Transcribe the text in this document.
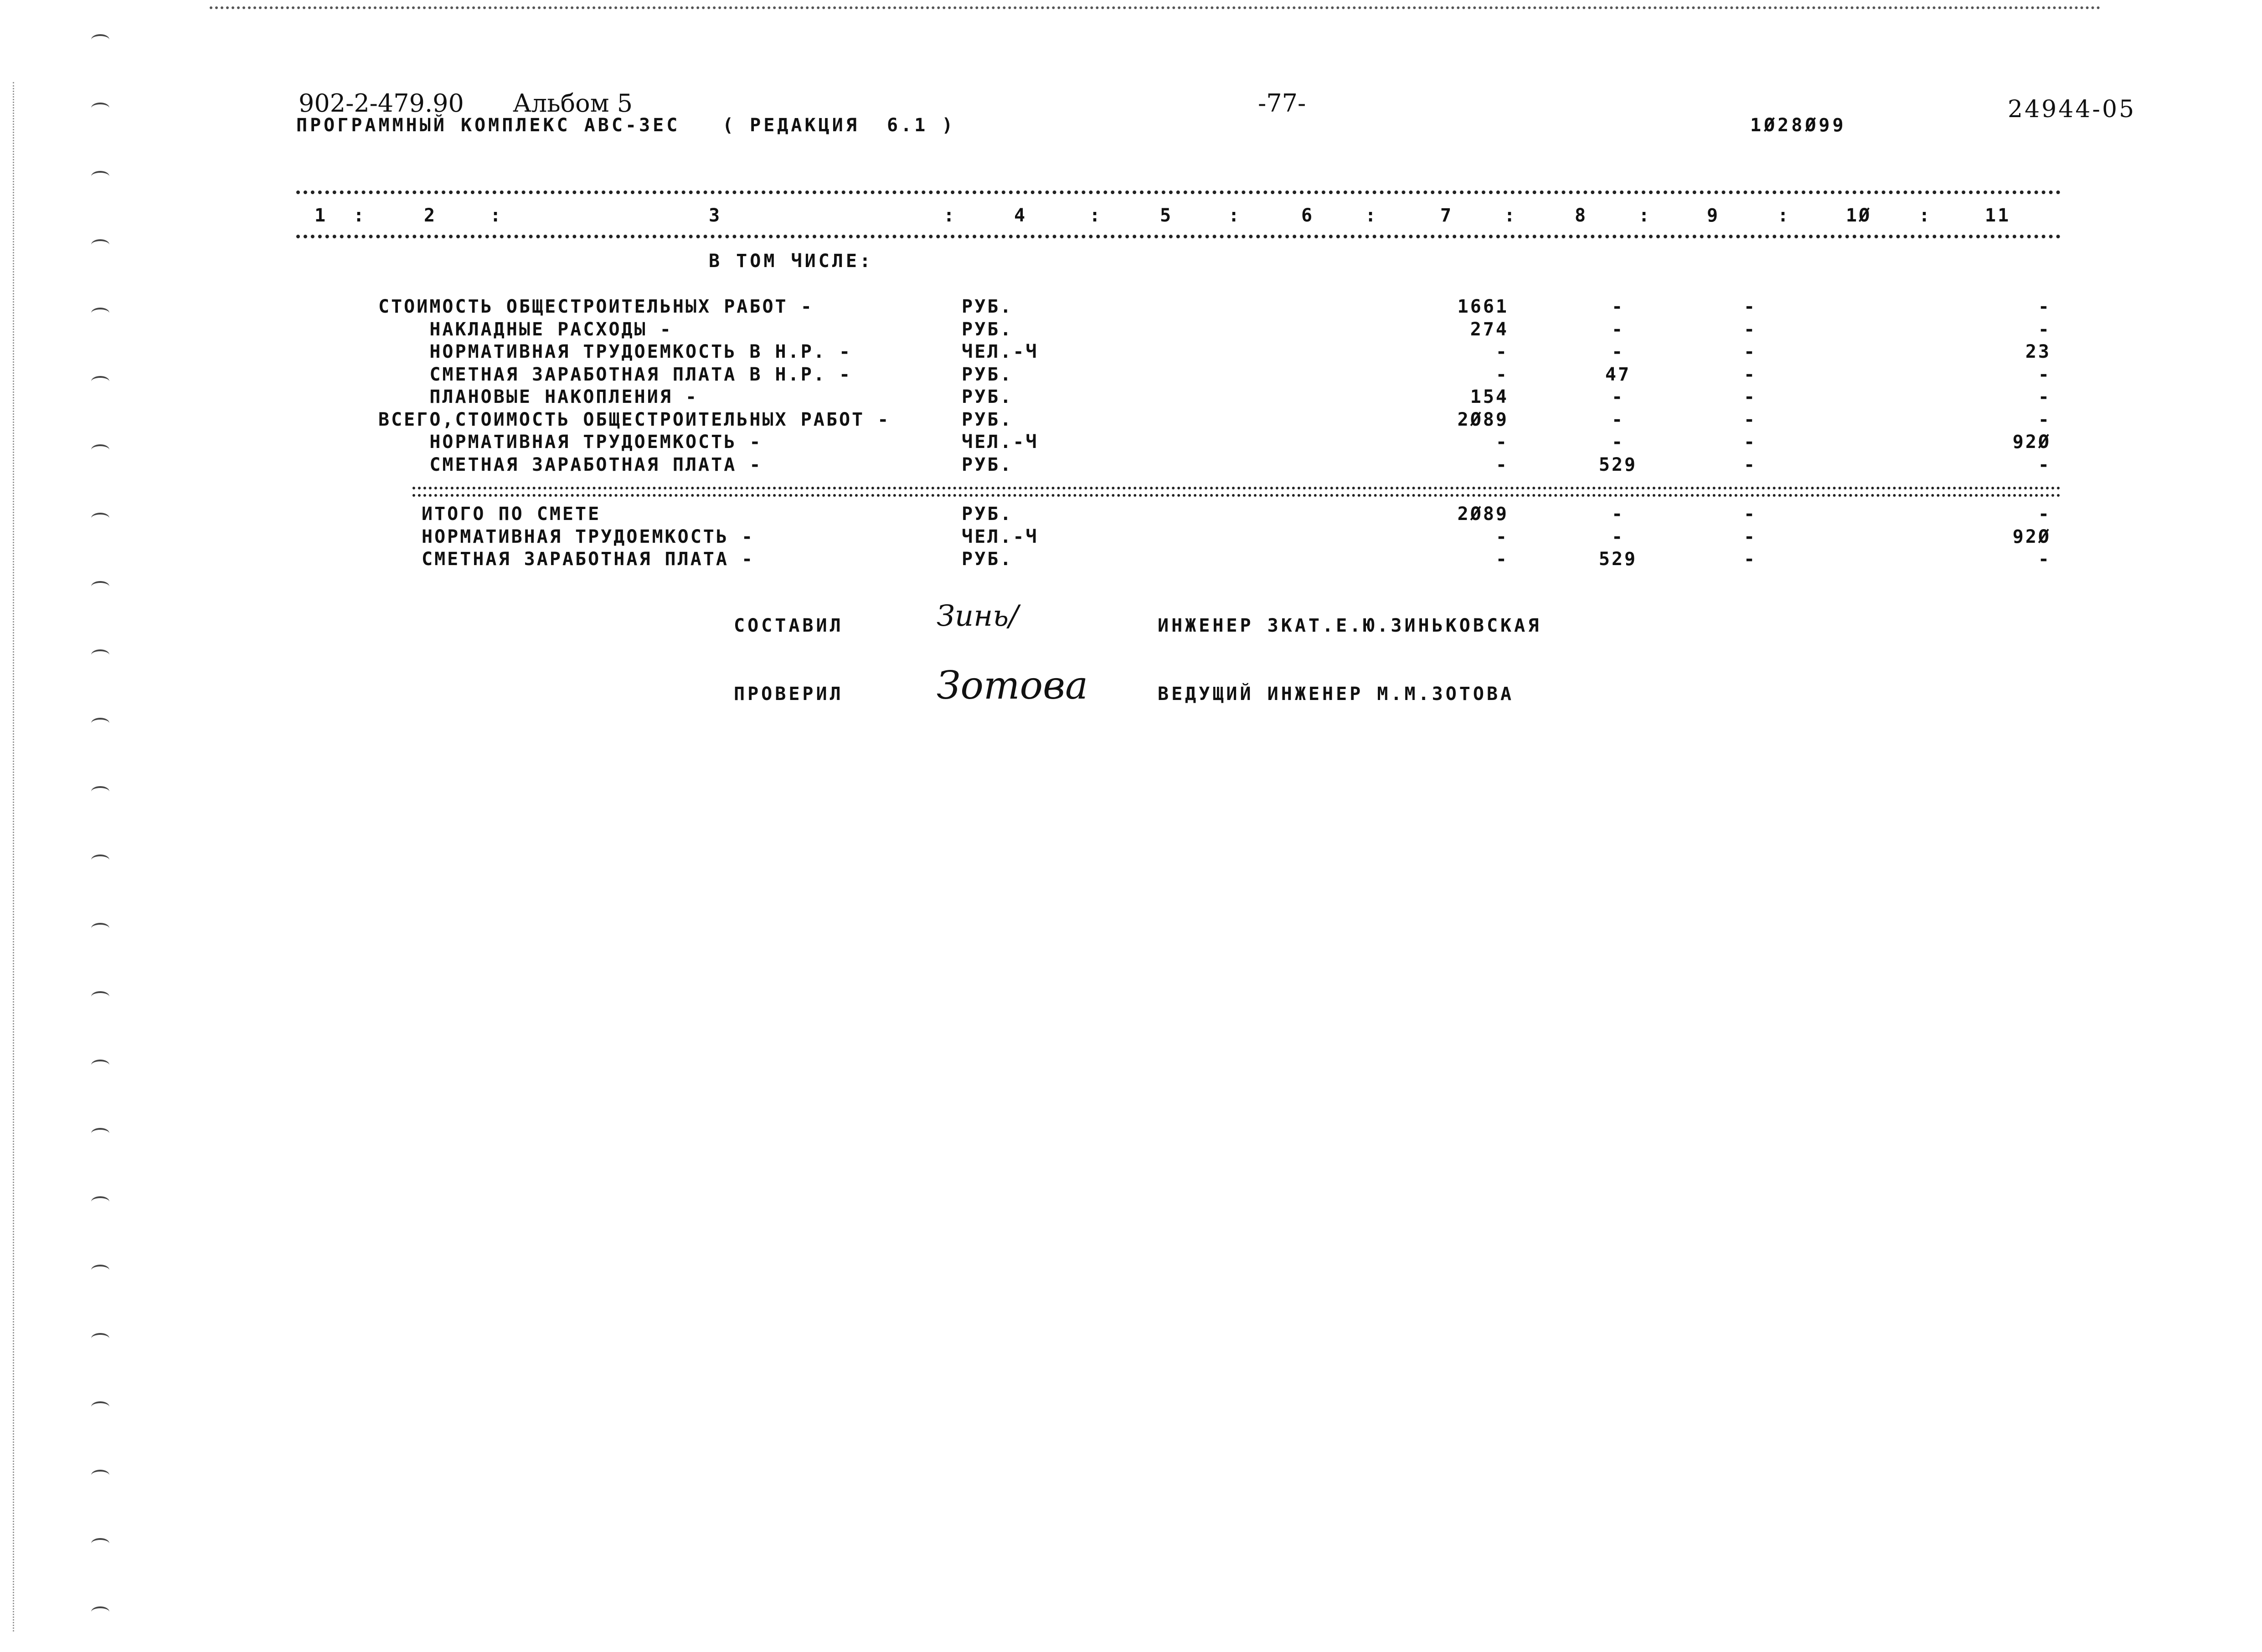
902-2-479.90 Альбом 5	-77-	24944-05
ПРОГРАММНЫЙ КОМПЛЕКС АВС-3ЕС ( РЕДАКЦИЯ  6.1 )	1Ø28Ø99
1	2	3	4	5	6	7	8	9	1Ø	11
:	:	:	:	:	:	:	:	:	:
В ТОМ ЧИСЛЕ:
СТОИМОСТЬ ОБЩЕСТРОИТЕЛЬНЫХ РАБОТ -	РУБ.	1661	-	-	-
НАКЛАДНЫЕ РАСХОДЫ -	РУБ.	274	-	-	-
НОРМАТИВНАЯ ТРУДОЕМКОСТЬ В Н.Р. -	ЧЕЛ.-Ч	-	-	-	23
СМЕТНАЯ ЗАРАБОТНАЯ ПЛАТА В Н.Р. -	РУБ.	-	47	-	-
ПЛАНОВЫЕ НАКОПЛЕНИЯ -	РУБ.	154	-	-	-
ВСЕГО,СТОИМОСТЬ ОБЩЕСТРОИТЕЛЬНЫХ РАБОТ -	РУБ.	2Ø89	-	-	-
НОРМАТИВНАЯ ТРУДОЕМКОСТЬ -	ЧЕЛ.-Ч	-	-	-	92Ø
СМЕТНАЯ ЗАРАБОТНАЯ ПЛАТА -	РУБ.	-	529	-	-
ИТОГО ПО СМЕТЕ	РУБ.	2Ø89	-	-	-
НОРМАТИВНАЯ ТРУДОЕМКОСТЬ -	ЧЕЛ.-Ч	-	-	-	92Ø
СМЕТНАЯ ЗАРАБОТНАЯ ПЛАТА -	РУБ.	-	529	-	-
СОСТАВИЛ	Зинь/	ИНЖЕНЕР ЗКАТ.Е.Ю.ЗИНЬКОВСКАЯ
ПРОВЕРИЛ Зотова	ВЕДУЩИЙ ИНЖЕНЕР М.М.ЗОТОВА
